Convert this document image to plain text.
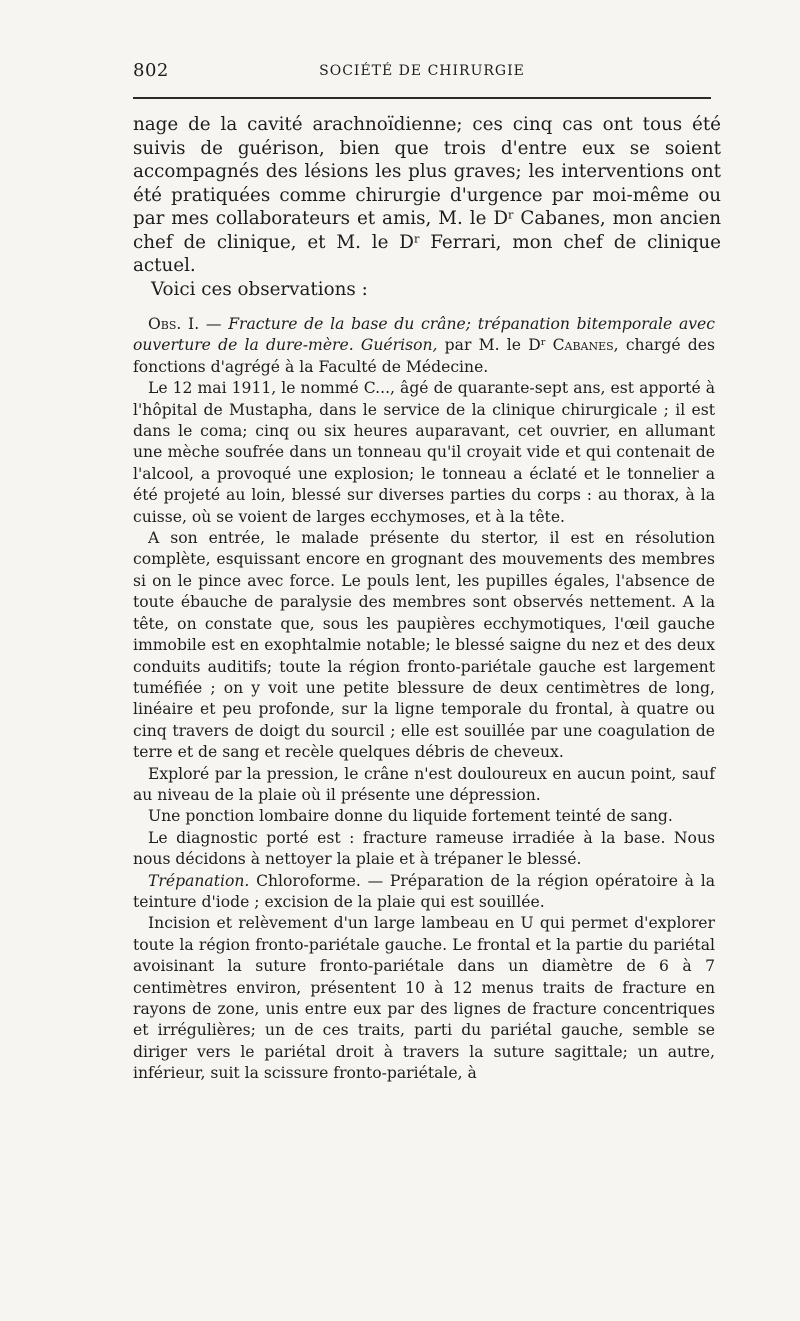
802	SOCIÉTÉ DE CHIRURGIE

nage de la cavité arachnoïdienne; ces cinq cas ont tous été suivis de guérison, bien que trois d'entre eux se soient accompagnés des lésions les plus graves; les interventions ont été pratiquées comme chirurgie d'urgence par moi-même ou par mes collaborateurs et amis, M. le $D^r$ Cabanes, mon ancien chef de clinique, et M. le $D^r$ Ferrari, mon chef de clinique actuel.

Voici ces observations :

Obs. I. — Fracture de la base du crâne; trépanation bitemporale avec ouverture de la dure-mère. Guérison, par M. le $D^r$ Cabanes, chargé des fonctions d'agrégé à la Faculté de Médecine.

Le 12 mai 1911, le nommé C..., âgé de quarante-sept ans, est apporté à l'hôpital de Mustapha, dans le service de la clinique chirurgicale ; il est dans le coma; cinq ou six heures auparavant, cet ouvrier, en allumant une mèche soufrée dans un tonneau qu'il croyait vide et qui contenait de l'alcool, a provoqué une explosion; le tonneau a éclaté et le tonnelier a été projeté au loin, blessé sur diverses parties du corps : au thorax, à la cuisse, où se voient de larges ecchymoses, et à la tête.

A son entrée, le malade présente du stertor, il est en résolution complète, esquissant encore en grognant des mouvements des membres si on le pince avec force. Le pouls lent, les pupilles égales, l'absence de toute ébauche de paralysie des membres sont observés nettement. A la tête, on constate que, sous les paupières ecchymotiques, l'œil gauche immobile est en exophtalmie notable; le blessé saigne du nez et des deux conduits auditifs; toute la région fronto-pariétale gauche est largement tuméfiée ; on y voit une petite blessure de deux centimètres de long, linéaire et peu profonde, sur la ligne temporale du frontal, à quatre ou cinq travers de doigt du sourcil ; elle est souillée par une coagulation de terre et de sang et recèle quelques débris de cheveux.

Exploré par la pression, le crâne n'est douloureux en aucun point, sauf au niveau de la plaie où il présente une dépression.

Une ponction lombaire donne du liquide fortement teinté de sang.

Le diagnostic porté est : fracture rameuse irradiée à la base. Nous nous décidons à nettoyer la plaie et à trépaner le blessé.

Trépanation. Chloroforme. — Préparation de la région opératoire à la teinture d'iode ; excision de la plaie qui est souillée.

Incision et relèvement d'un large lambeau en U qui permet d'explorer toute la région fronto-pariétale gauche. Le frontal et la partie du pariétal avoisinant la suture fronto-pariétale dans un diamètre de 6 à 7 centimètres environ, présentent 10 à 12 menus traits de fracture en rayons de zone, unis entre eux par des lignes de fracture concentriques et irrégulières; un de ces traits, parti du pariétal gauche, semble se diriger vers le pariétal droit à travers la suture sagittale; un autre, inférieur, suit la scissure fronto-pariétale, à
